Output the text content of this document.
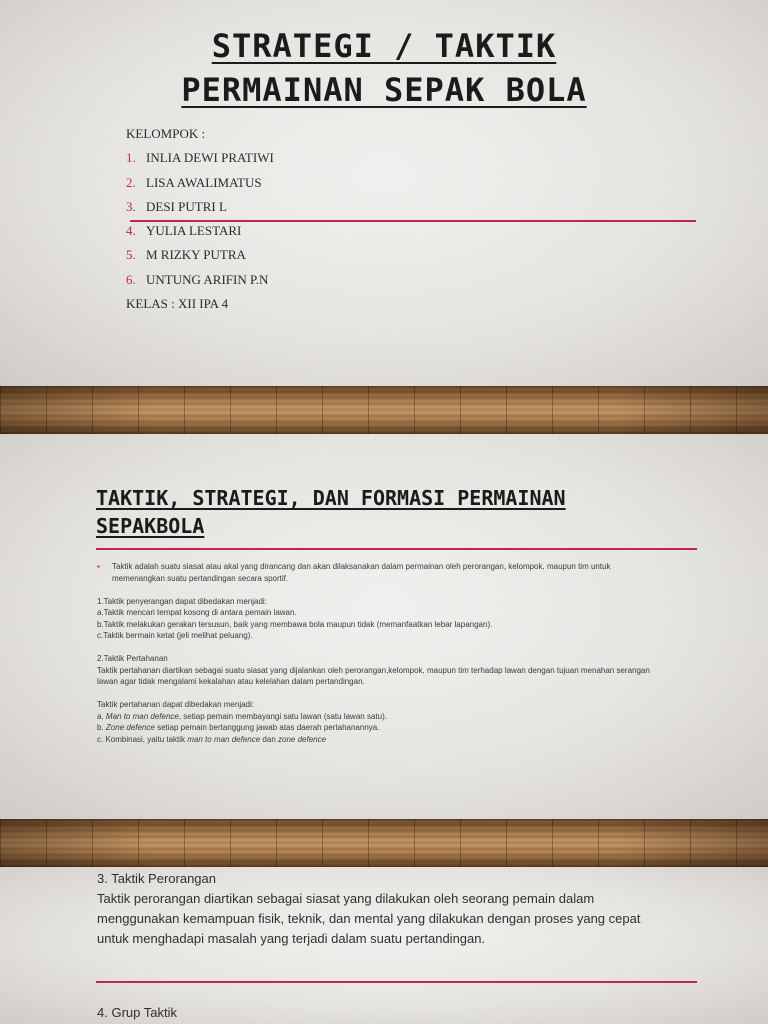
STRATEGI / TAKTIK
PERMAINAN SEPAK BOLA
KELOMPOK :
1. INLIA DEWI PRATIWI
2. LISA AWALIMATUS
3. DESI PUTRI L
4. YULIA LESTARI
5. M RIZKY PUTRA
6. UNTUNG ARIFIN P.N
KELAS : XII IPA 4
TAKTIK, STRATEGI, DAN FORMASI PERMAINAN
SEPAKBOLA
▪	Taktik adalah suatu siasat atau akal yang dirancang dan akan dilaksanakan dalam permainan oleh perorangan, kelompok, maupun tim untuk
memenangkan suatu pertandingan secara sportif.
1.Taktik penyerangan dapat dibedakan menjadi:
a.Taktik mencari tempat kosong di antara pemain lawan.
b.Taktik melakukan gerakan tersusun, baik yang membawa bola maupun tidak (memanfaatkan lebar lapangan).
c.Taktik bermain ketat (jeli melihat peluang).
2.Taktik Pertahanan
Taktik pertahanan diartikan sebagai suatu siasat yang dijalankan oleh perorangan,kelompok, maupun tim terhadap lawan dengan tujuan menahan serangan
lawan agar tidak mengalami kekalahan atau kelelahan dalam pertandingan.
Taktik pertahanan dapat dibedakan menjadi:
a. Man to man defence, setiap pemain membayangi satu lawan (satu lawan satu).
b. Zone defence setiap pemain bertanggung jawab atas daerah pertahanannya.
c. Kombinasi, yaitu taktik man to man defence dan zone defence
3. Taktik Perorangan
Taktik perorangan diartikan sebagai siasat yang dilakukan oleh seorang pemain dalam
menggunakan kemampuan fisik, teknik, dan mental yang dilakukan dengan proses yang cepat
untuk menghadapi masalah yang terjadi dalam suatu pertandingan.
4. Grup Taktik
